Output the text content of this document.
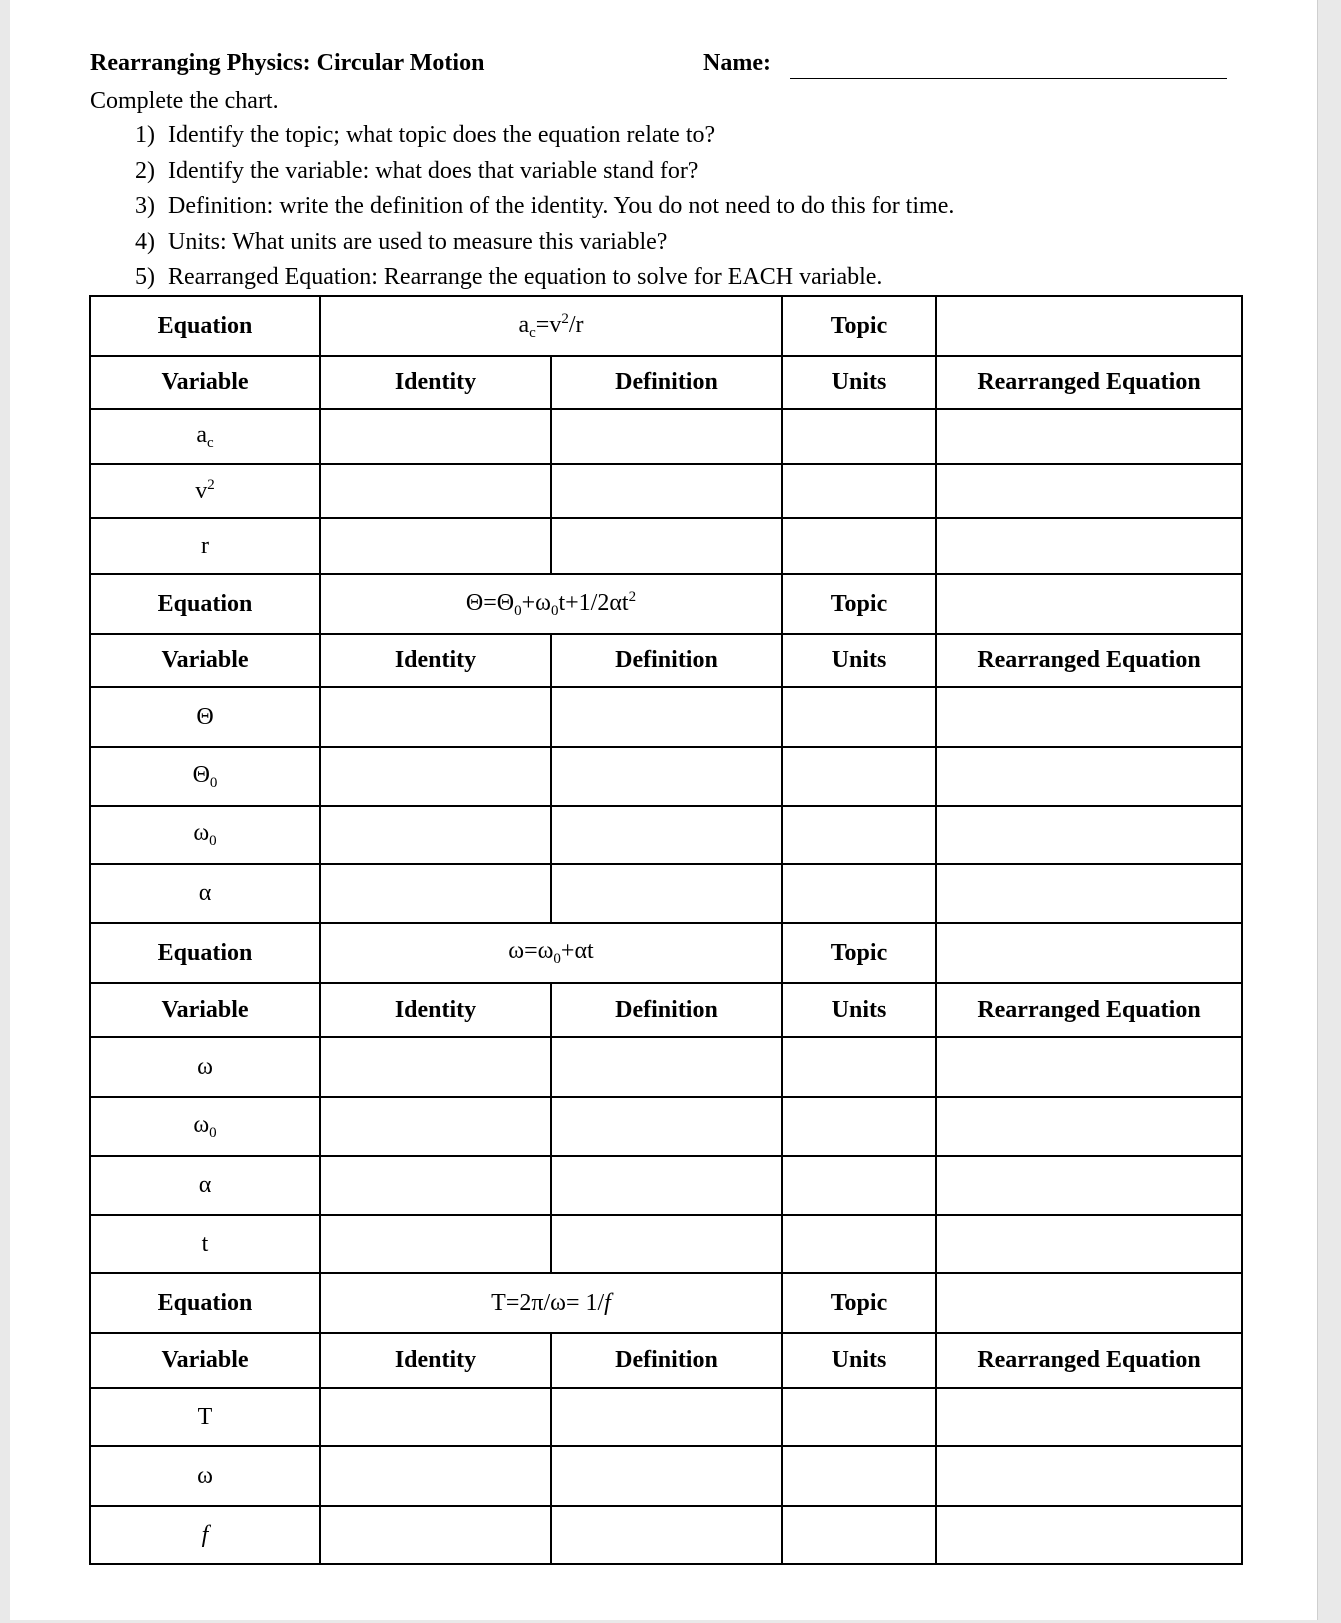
Rearranging Physics: Circular Motion	Name:
Complete the chart.
1) Identify the topic; what topic does the equation relate to?
2) Identify the variable: what does that variable stand for?
3) Definition: write the definition of the identity. You do not need to do this for time.
4) Units: What units are used to measure this variable?
5) Rearranged Equation: Rearrange the equation to solve for EACH variable.
Equation	$a_c=v^2/r$		Topic	
Variable	Identity	Definition	Units	Rearranged Equation
$a_c$				
$v^2$				
r				
Equation	$\Theta=\Theta_0+\omega_0t+1/2\alpha t^2$		Topic	
Variable	Identity	Definition	Units	Rearranged Equation
Θ				
$\Theta_0$				
$\omega_0$				
α				
Equation	$\omega=\omega_0+\alpha t$		Topic	
Variable	Identity	Definition	Units	Rearranged Equation
ω				
$\omega_0$				
α				
t				
Equation	T=2π/ω= 1/f		Topic	
Variable	Identity	Definition	Units	Rearranged Equation
T				
ω				
f				
